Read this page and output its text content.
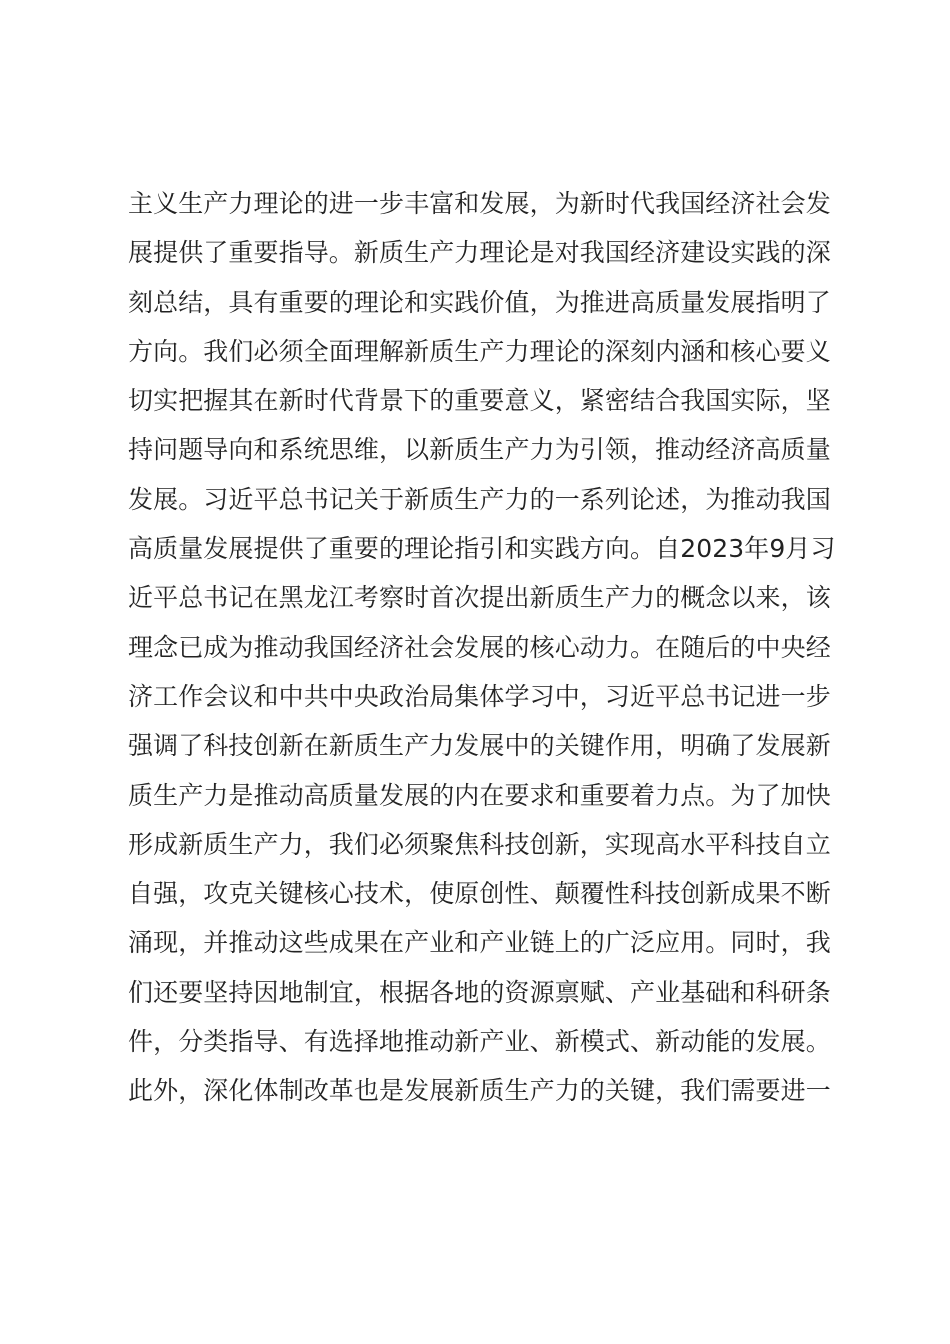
主义生产力理论的进一步丰富和发展，为新时代我国经济社会发
展提供了重要指导。新质生产力理论是对我国经济建设实践的深
刻总结，具有重要的理论和实践价值，为推进高质量发展指明了
方向。我们必须全面理解新质生产力理论的深刻内涵和核心要义
切实把握其在新时代背景下的重要意义，紧密结合我国实际，坚
持问题导向和系统思维，以新质生产力为引领，推动经济高质量
发展。习近平总书记关于新质生产力的一系列论述，为推动我国
高质量发展提供了重要的理论指引和实践方向。自2023年9月习
近平总书记在黑龙江考察时首次提出新质生产力的概念以来，该
理念已成为推动我国经济社会发展的核心动力。在随后的中央经
济工作会议和中共中央政治局集体学习中，习近平总书记进一步
强调了科技创新在新质生产力发展中的关键作用，明确了发展新
质生产力是推动高质量发展的内在要求和重要着力点。为了加快
形成新质生产力，我们必须聚焦科技创新，实现高水平科技自立
自强，攻克关键核心技术，使原创性、颠覆性科技创新成果不断
涌现，并推动这些成果在产业和产业链上的广泛应用。同时，我
们还要坚持因地制宜，根据各地的资源禀赋、产业基础和科研条
件，分类指导、有选择地推动新产业、新模式、新动能的发展。
此外，深化体制改革也是发展新质生产力的关键，我们需要进一
